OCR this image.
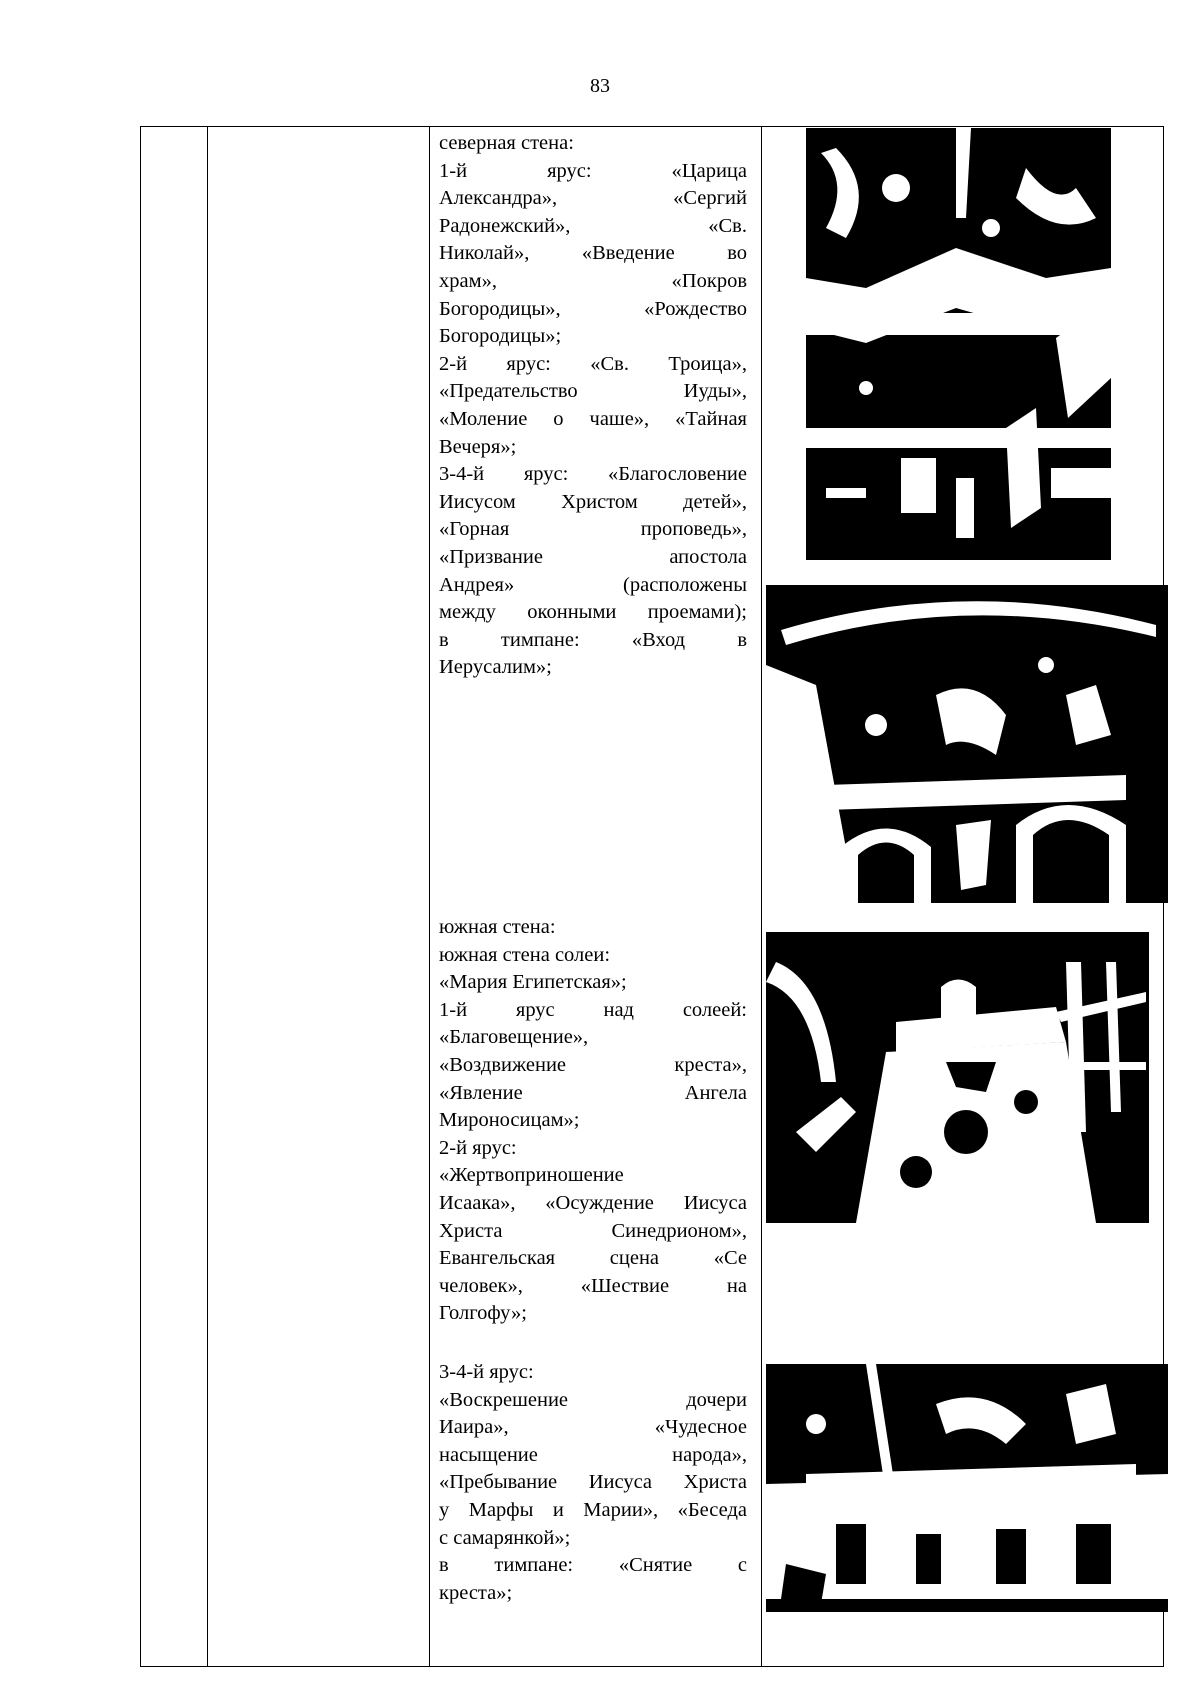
83

северная стена:

1-й ярус: «Царица

Александра», «Сергий

Радонежский», «Св.

Николай», «Введение во

храм», «Покров

Богородицы», «Рождество

Богородицы»;

2-й ярус: «Св. Троица»,

«Предательство Иуды»,

«Моление о чаше», «Тайная

Вечеря»;

3-4-й ярус: «Благословение

Иисусом Христом детей»,

«Горная проповедь»,

«Призвание апостола

Андрея» (расположены

между оконными проемами);

в тимпане: «Вход в

Иерусалим»;

южная стена:

южная стена солеи:

«Мария Египетская»;

1-й ярус над солеей:

«Благовещение»,

«Воздвижение креста»,

«Явление Ангела

Мироносицам»;

2-й ярус:

«Жертвоприношение

Исаака», «Осуждение Иисуса

Христа Синедрионом»,

Евангельская сцена «Се

человек», «Шествие на

Голгофу»;

3-4-й ярус:

«Воскрешение дочери

Иаира», «Чудесное

насыщение народа»,

«Пребывание Иисуса Христа

у Марфы и Марии», «Беседа

с самарянкой»;

в тимпане: «Снятие с

креста»;
